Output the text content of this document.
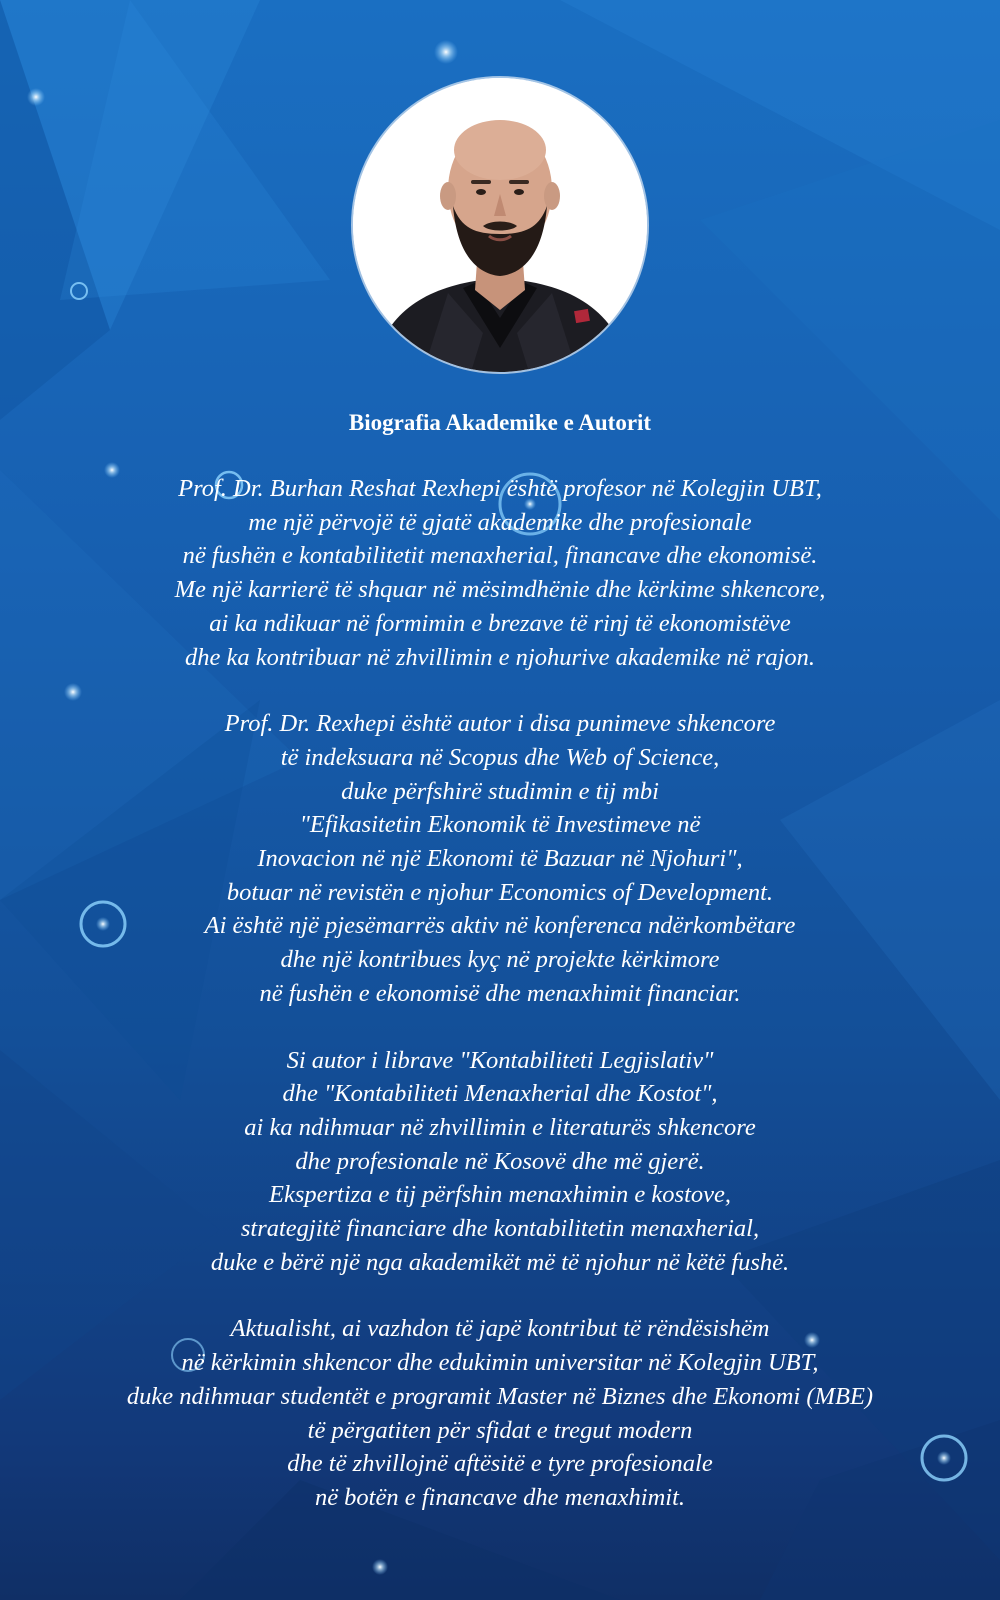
Biografia Akademike e Autorit
Prof. Dr. Burhan Reshat Rexhepi është profesor në Kolegjin UBT,
me një përvojë të gjatë akademike dhe profesionale
në fushën e kontabilitetit menaxherial, financave dhe ekonomisë.
Me një karrierë të shquar në mësimdhënie dhe kërkime shkencore,
ai ka ndikuar në formimin e brezave të rinj të ekonomistëve
dhe ka kontribuar në zhvillimin e njohurive akademike në rajon.
Prof. Dr. Rexhepi është autor i disa punimeve shkencore
të indeksuara në Scopus dhe Web of Science,
duke përfshirë studimin e tij mbi
"Efikasitetin Ekonomik të Investimeve në
Inovacion në një Ekonomi të Bazuar në Njohuri",
botuar në revistën e njohur Economics of Development.
Ai është një pjesëmarrës aktiv në konferenca ndërkombëtare
dhe një kontribues kyç në projekte kërkimore
në fushën e ekonomisë dhe menaxhimit financiar.
Si autor i librave "Kontabiliteti Legjislativ"
dhe "Kontabiliteti Menaxherial dhe Kostot",
ai ka ndihmuar në zhvillimin e literaturës shkencore
dhe profesionale në Kosovë dhe më gjerë.
Ekspertiza e tij përfshin menaxhimin e kostove,
strategjitë financiare dhe kontabilitetin menaxherial,
duke e bërë një nga akademikët më të njohur në këtë fushë.
Aktualisht, ai vazhdon të japë kontribut të rëndësishëm
në kërkimin shkencor dhe edukimin universitar në Kolegjin UBT,
duke ndihmuar studentët e programit Master në Biznes dhe Ekonomi (MBE)
të përgatiten për sfidat e tregut modern
dhe të zhvillojnë aftësitë e tyre profesionale
në botën e financave dhe menaxhimit.
